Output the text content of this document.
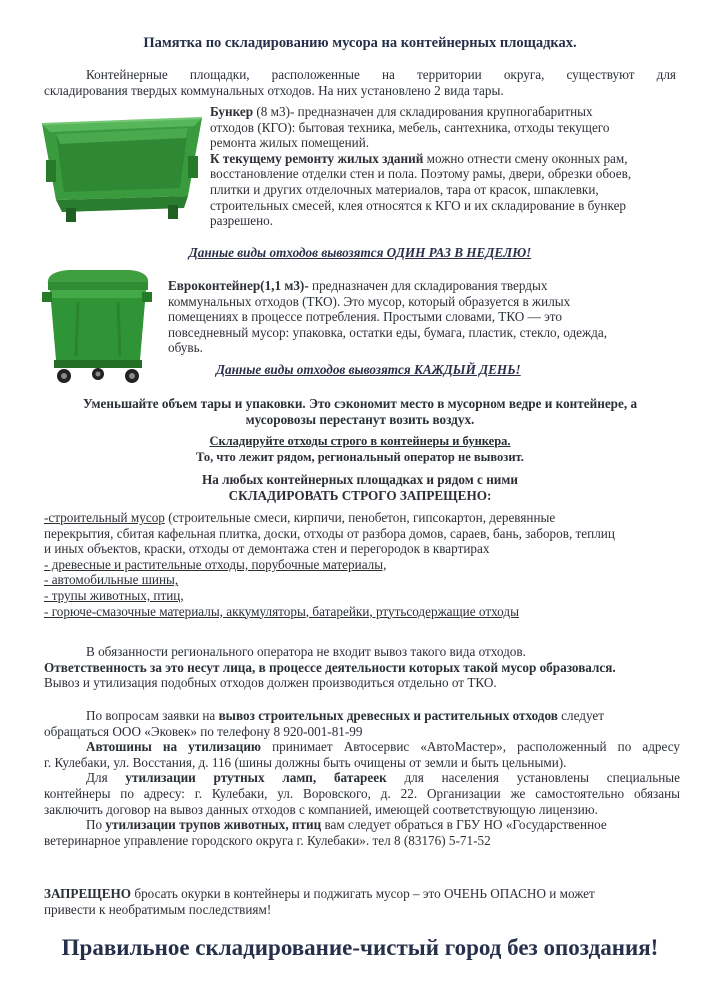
Памятка по складированию мусора на контейнерных площадках.
Контейнерные площадки, расположенные на территории округа, существуют для
складирования твердых коммунальных отходов. На них установлено 2 вида тары.
Бункер (8 м3)- предназначен для складирования крупногабаритных
отходов (КГО): бытовая техника, мебель, сантехника, отходы текущего
ремонта жилых помещений.
К текущему ремонту жилых зданий можно отнести смену оконных рам,
восстановление отделки стен и пола. Поэтому рамы, двери, обрезки обоев,
плитки и других отделочных материалов, тара от красок, шпаклевки,
строительных смесей, клея относятся к КГО и их складирование в бункер
разрешено.
Данные виды отходов вывозятся ОДИН РАЗ В НЕДЕЛЮ!
Евроконтейнер(1,1 м3)- предназначен для складирования твердых
коммунальных отходов (ТКО). Это мусор, который образуется в жилых
помещениях в процессе потребления. Простыми словами, ТКО — это
повседневный мусор: упаковка, остатки еды, бумага, пластик, стекло, одежда,
обувь.
Данные виды отходов вывозятся КАЖДЫЙ ДЕНЬ!
Уменьшайте объем тары и упаковки. Это сэкономит место в мусорном ведре и контейнере, а
мусоровозы перестанут возить воздух.
Складируйте отходы строго в контейнеры и бункера.
То, что лежит рядом, региональный оператор не вывозит.
На любых контейнерных площадках и рядом с ними
СКЛАДИРОВАТЬ СТРОГО ЗАПРЕЩЕНО:
-строительный мусор (строительные смеси, кирпичи, пенобетон, гипсокартон, деревянные
перекрытия, сбитая кафельная плитка, доски, отходы от разбора домов, сараев, бань, заборов, теплиц
и иных объектов, краски, отходы от демонтажа стен и перегородок в квартирах
- древесные и растительные отходы, порубочные материалы,
- автомобильные шины,
- трупы животных, птиц,
- горюче-смазочные материалы, аккумуляторы, батарейки, ртутьсодержащие отходы
В обязанности регионального оператора не входит вывоз такого вида отходов.
Ответственность за это несут лица, в процессе деятельности которых такой мусор образовался.
Вывоз и утилизация подобных отходов должен производиться отдельно от ТКО.
По вопросам заявки на вывоз строительных древесных и растительных отходов следует
обращаться ООО «Эковек» по телефону 8 920-001-81-99
Автошины на утилизацию принимает Автосервис «АвтоМастер», расположенный по адресу
г. Кулебаки, ул. Восстания, д. 116 (шины должны быть очищены от земли и быть цельными).
Для утилизации ртутных ламп, батареек для населения установлены специальные
контейнеры по адресу: г. Кулебаки, ул. Воровского, д. 22. Организации же самостоятельно обязаны
заключить договор на вывоз данных отходов с компанией, имеющей соответствующую лицензию.
По утилизации трупов животных, птиц вам следует обраться в ГБУ НО «Государственное
ветеринарное управление городского округа г. Кулебаки». тел 8 (83176) 5-71-52
ЗАПРЕЩЕНО бросать окурки в контейнеры и поджигать мусор – это ОЧЕНЬ ОПАСНО и может
привести к необратимым последствиям!
Правильное складирование-чистый город без опоздания!
